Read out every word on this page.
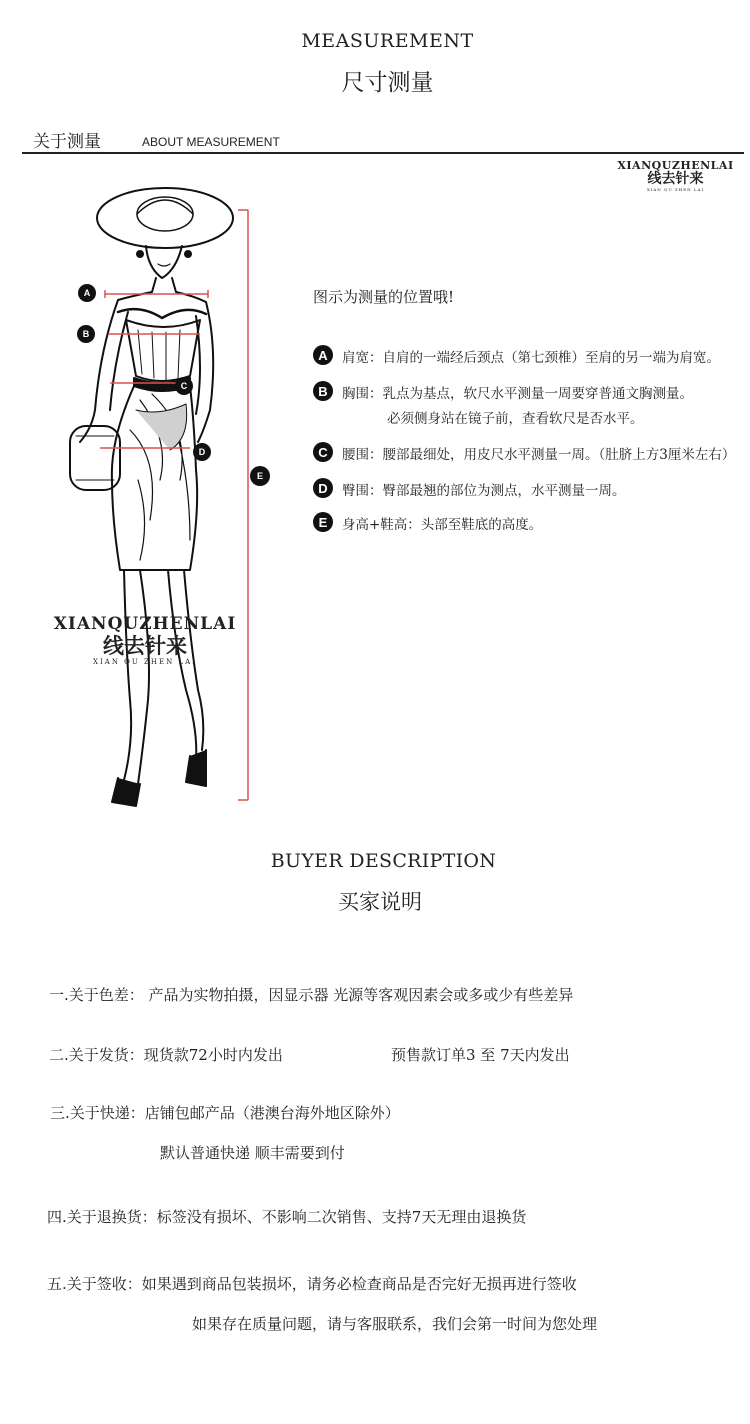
MEASUREMENT
尺寸测量
关于测量	ABOUT MEASUREMENT
XIANQUZHENLAI
线去针来
XIAN QU ZHEN LAI
A
B
C
D
E
XIANQUZHENLAI
线去针来
XIAN QU ZHEN LAI
图示为测量的位置哦!
A	肩宽：自肩的一端经后颈点（第七颈椎）至肩的另一端为肩宽。
B	胸围：乳点为基点，软尺水平测量一周要穿普通文胸测量。
必须侧身站在镜子前，查看软尺是否水平。
C	腰围：腰部最细处，用皮尺水平测量一周。（肚脐上方3厘米左右）
D	臀围：臀部最翘的部位为测点，水平测量一周。
E	身高+鞋高：头部至鞋底的高度。
BUYER DESCRIPTION
买家说明
一.关于色差： 产品为实物拍摄，因显示器 光源等客观因素会或多或少有些差异
二.关于发货：现货款72小时内发出	预售款订单3 至 7天内发出
三.关于快递：店铺包邮产品（港澳台海外地区除外）
默认普通快递 顺丰需要到付
四.关于退换货：标签没有损坏、不影响二次销售、支持7天无理由退换货
五.关于签收：如果遇到商品包装损坏，请务必检查商品是否完好无损再进行签收
如果存在质量问题，请与客服联系，我们会第一时间为您处理
